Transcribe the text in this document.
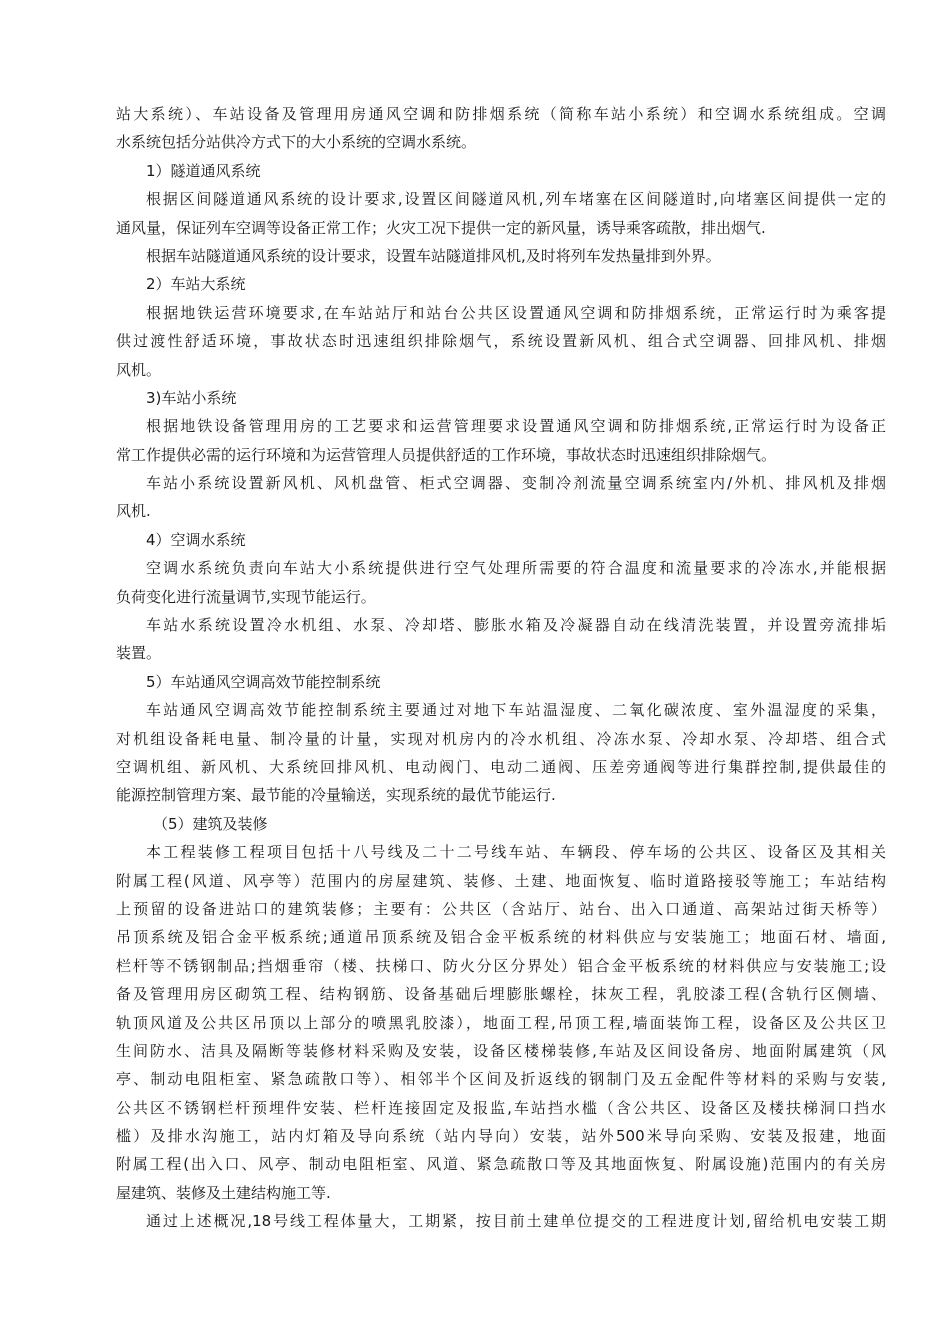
站大系统）、车站设备及管理用房通风空调和防排烟系统（简称车站小系统）和空调水系统组成。空调
水系统包括分站供冷方式下的大小系统的空调水系统。
1）隧道通风系统
根据区间隧道通风系统的设计要求,设置区间隧道风机,列车堵塞在区间隧道时,向堵塞区间提供一定的
通风量，保证列车空调等设备正常工作；火灾工况下提供一定的新风量，诱导乘客疏散，排出烟气.
根据车站隧道通风系统的设计要求，设置车站隧道排风机,及时将列车发热量排到外界。
2）车站大系统
根据地铁运营环境要求,在车站站厅和站台公共区设置通风空调和防排烟系统，正常运行时为乘客提
供过渡性舒适环境，事故状态时迅速组织排除烟气，系统设置新风机、组合式空调器、回排风机、排烟
风机。
3)车站小系统
根据地铁设备管理用房的工艺要求和运营管理要求设置通风空调和防排烟系统,正常运行时为设备正
常工作提供必需的运行环境和为运营管理人员提供舒适的工作环境，事故状态时迅速组织排除烟气。
车站小系统设置新风机、风机盘管、柜式空调器、变制冷剂流量空调系统室内/外机、排风机及排烟
风机.
4）空调水系统
空调水系统负责向车站大小系统提供进行空气处理所需要的符合温度和流量要求的冷冻水,并能根据
负荷变化进行流量调节,实现节能运行。
车站水系统设置冷水机组、水泵、冷却塔、膨胀水箱及冷凝器自动在线清洗装置，并设置旁流排垢
装置。
5）车站通风空调高效节能控制系统
车站通风空调高效节能控制系统主要通过对地下车站温湿度、二氧化碳浓度、室外温湿度的采集，
对机组设备耗电量、制冷量的计量，实现对机房内的冷水机组、冷冻水泵、冷却水泵、冷却塔、组合式
空调机组、新风机、大系统回排风机、电动阀门、电动二通阀、压差旁通阀等进行集群控制,提供最佳的
能源控制管理方案、最节能的冷量输送，实现系统的最优节能运行.
（5）建筑及装修
本工程装修工程项目包括十八号线及二十二号线车站、车辆段、停车场的公共区、设备区及其相关
附属工程(风道、风亭等）范围内的房屋建筑、装修、土建、地面恢复、临时道路接驳等施工；车站结构
上预留的设备进站口的建筑装修；主要有：公共区（含站厅、站台、出入口通道、高架站过街天桥等）
吊顶系统及铝合金平板系统;通道吊顶系统及铝合金平板系统的材料供应与安装施工；地面石材、墙面,
栏杆等不锈钢制品;挡烟垂帘（楼、扶梯口、防火分区分界处）铝合金平板系统的材料供应与安装施工;设
备及管理用房区砌筑工程、结构钢筋、设备基础后埋膨胀螺栓，抹灰工程，乳胶漆工程(含轨行区侧墙、
轨顶风道及公共区吊顶以上部分的喷黑乳胶漆），地面工程,吊顶工程,墙面装饰工程，设备区及公共区卫
生间防水、洁具及隔断等装修材料采购及安装，设备区楼梯装修,车站及区间设备房、地面附属建筑（风
亭、制动电阻柜室、紧急疏散口等）、相邻半个区间及折返线的钢制门及五金配件等材料的采购与安装,
公共区不锈钢栏杆预埋件安装、栏杆连接固定及报监,车站挡水槛（含公共区、设备区及楼扶梯洞口挡水
槛）及排水沟施工，站内灯箱及导向系统（站内导向）安装，站外500米导向采购、安装及报建，地面
附属工程(出入口、风亭、制动电阻柜室、风道、紧急疏散口等及其地面恢复、附属设施)范围内的有关房
屋建筑、装修及土建结构施工等.
通过上述概况,18号线工程体量大，工期紧，按目前土建单位提交的工程进度计划,留给机电安装工期
